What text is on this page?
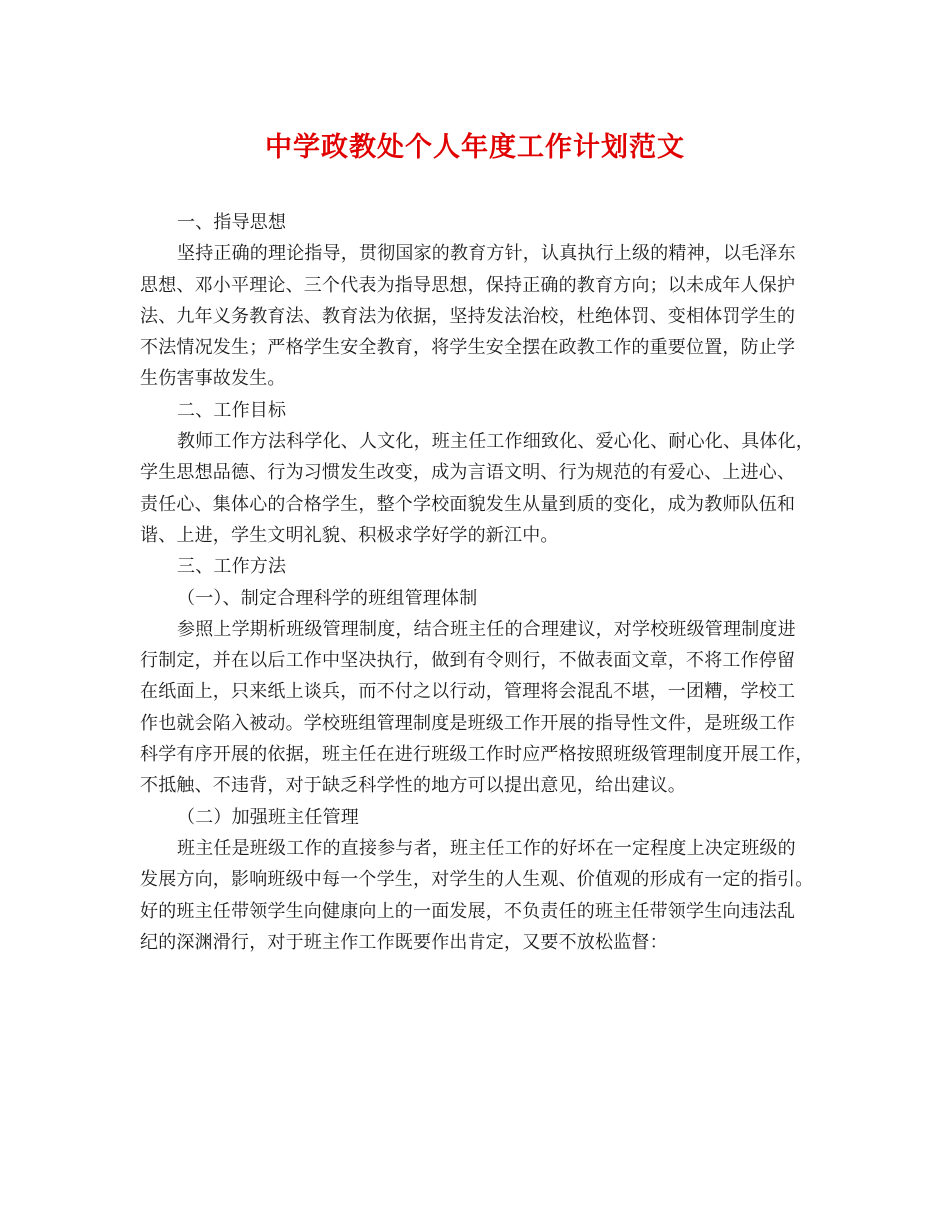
中学政教处个人年度工作计划范文
一、指导思想
坚持正确的理论指导，贯彻国家的教育方针，认真执行上级的精神，以毛泽东
思想、邓小平理论、三个代表为指导思想，保持正确的教育方向；以未成年人保护
法、九年义务教育法、教育法为依据，坚持发法治校，杜绝体罚、变相体罚学生的
不法情况发生；严格学生安全教育，将学生安全摆在政教工作的重要位置，防止学
生伤害事故发生。
二、工作目标
教师工作方法科学化、人文化，班主任工作细致化、爱心化、耐心化、具体化，
学生思想品德、行为习惯发生改变，成为言语文明、行为规范的有爱心、上进心、
责任心、集体心的合格学生，整个学校面貌发生从量到质的变化，成为教师队伍和
谐、上进，学生文明礼貌、积极求学好学的新江中。
三、工作方法
（一）、制定合理科学的班组管理体制
参照上学期析班级管理制度，结合班主任的合理建议，对学校班级管理制度进
行制定，并在以后工作中坚决执行，做到有令则行，不做表面文章，不将工作停留
在纸面上，只来纸上谈兵，而不付之以行动，管理将会混乱不堪，一团糟，学校工
作也就会陷入被动。学校班组管理制度是班级工作开展的指导性文件，是班级工作
科学有序开展的依据，班主任在进行班级工作时应严格按照班级管理制度开展工作，
不抵触、不违背，对于缺乏科学性的地方可以提出意见，给出建议。
（二）加强班主任管理
班主任是班级工作的直接参与者，班主任工作的好坏在一定程度上决定班级的
发展方向，影响班级中每一个学生，对学生的人生观、价值观的形成有一定的指引。
好的班主任带领学生向健康向上的一面发展，不负责任的班主任带领学生向违法乱
纪的深渊滑行，对于班主作工作既要作出肯定，又要不放松监督：
